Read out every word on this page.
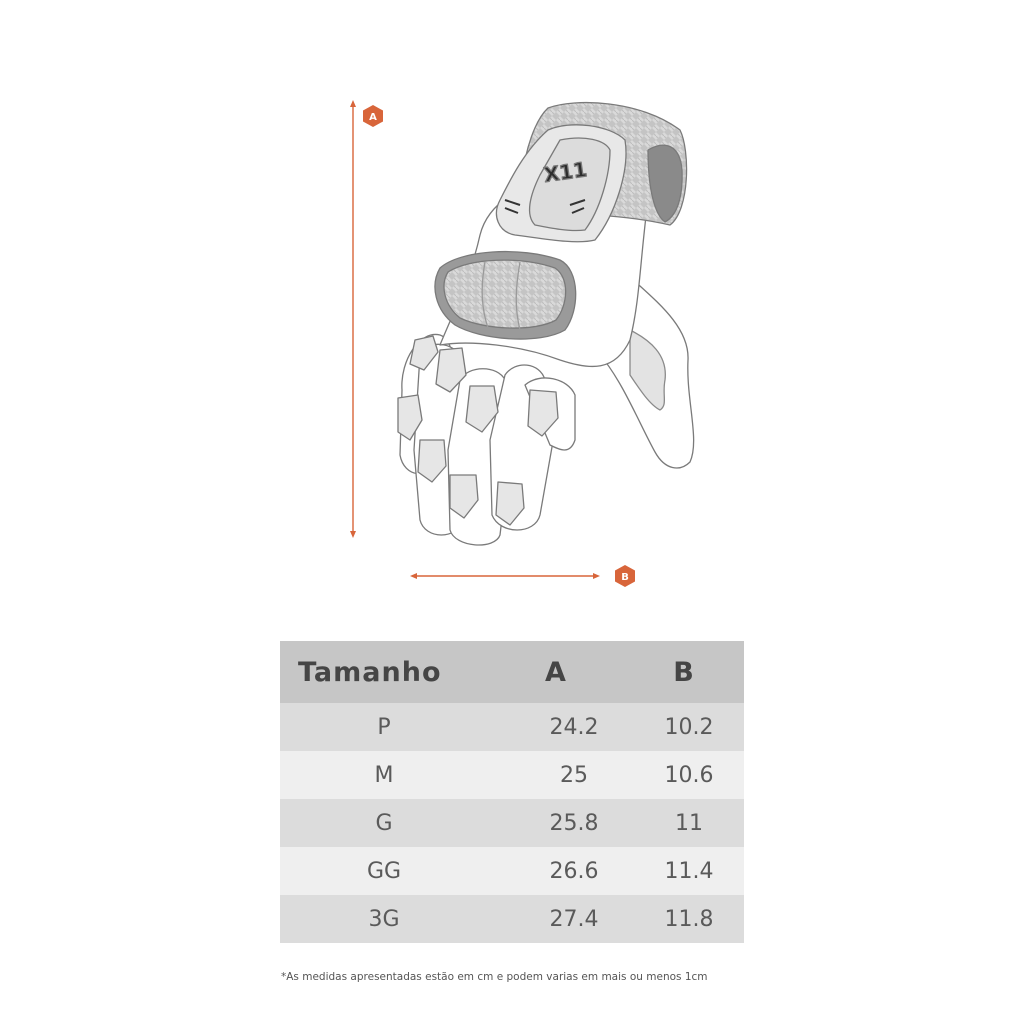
A
B
X11
Tamanho	A	B
P	24.2	10.2
M	25	10.6
G	25.8	11
GG	26.6	11.4
3G	27.4	11.8
*As medidas apresentadas estão em cm e podem varias em mais ou menos 1cm
